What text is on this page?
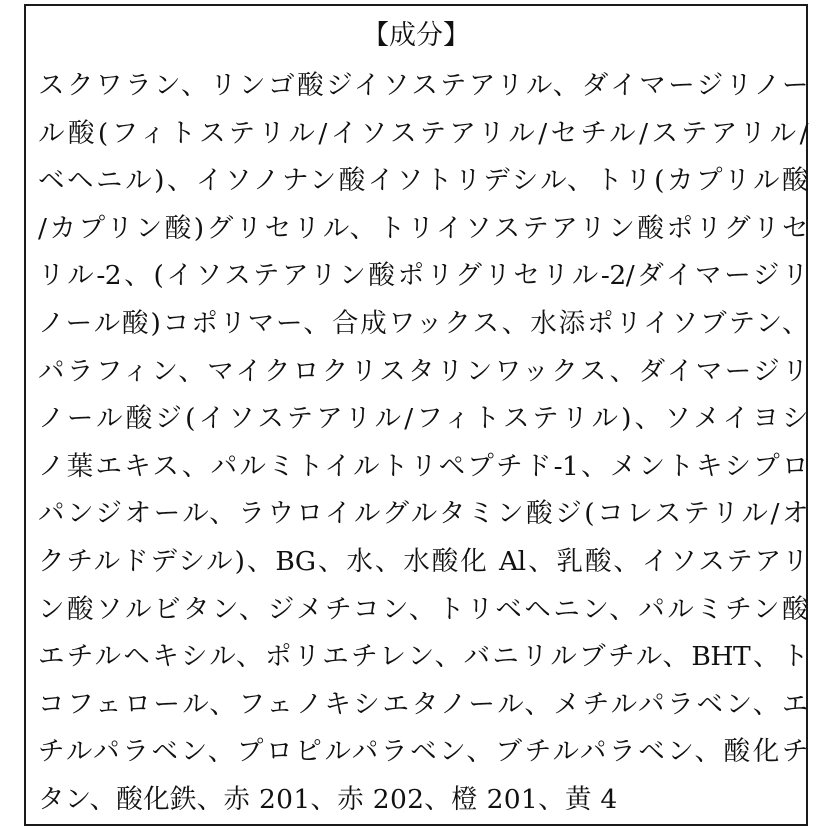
【成分】
スクワラン、リンゴ酸ジイソステアリル、ダイマージリノー
ル酸(フィトステリル/イソステアリル/セチル/ステアリル/
ベヘニル)、イソノナン酸イソトリデシル、トリ(カプリル酸
/カプリン酸)グリセリル、トリイソステアリン酸ポリグリセ
リル-2、(イソステアリン酸ポリグリセリル-2/ダイマージリ
ノール酸)コポリマー、合成ワックス、水添ポリイソブテン、
パラフィン、マイクロクリスタリンワックス、ダイマージリ
ノール酸ジ(イソステアリル/フィトステリル)、ソメイヨシ
ノ葉エキス、パルミトイルトリペプチド-1、メントキシプロ
パンジオール、ラウロイルグルタミン酸ジ(コレステリル/オ
クチルドデシル)、BG、水、水酸化 Al、乳酸、イソステアリ
ン酸ソルビタン、ジメチコン、トリベヘニン、パルミチン酸
エチルヘキシル、ポリエチレン、バニリルブチル、BHT、ト
コフェロール、フェノキシエタノール、メチルパラベン、エ
チルパラベン、プロピルパラベン、ブチルパラベン、酸化チ
タン、酸化鉄、赤 201、赤 202、橙 201、黄 4
